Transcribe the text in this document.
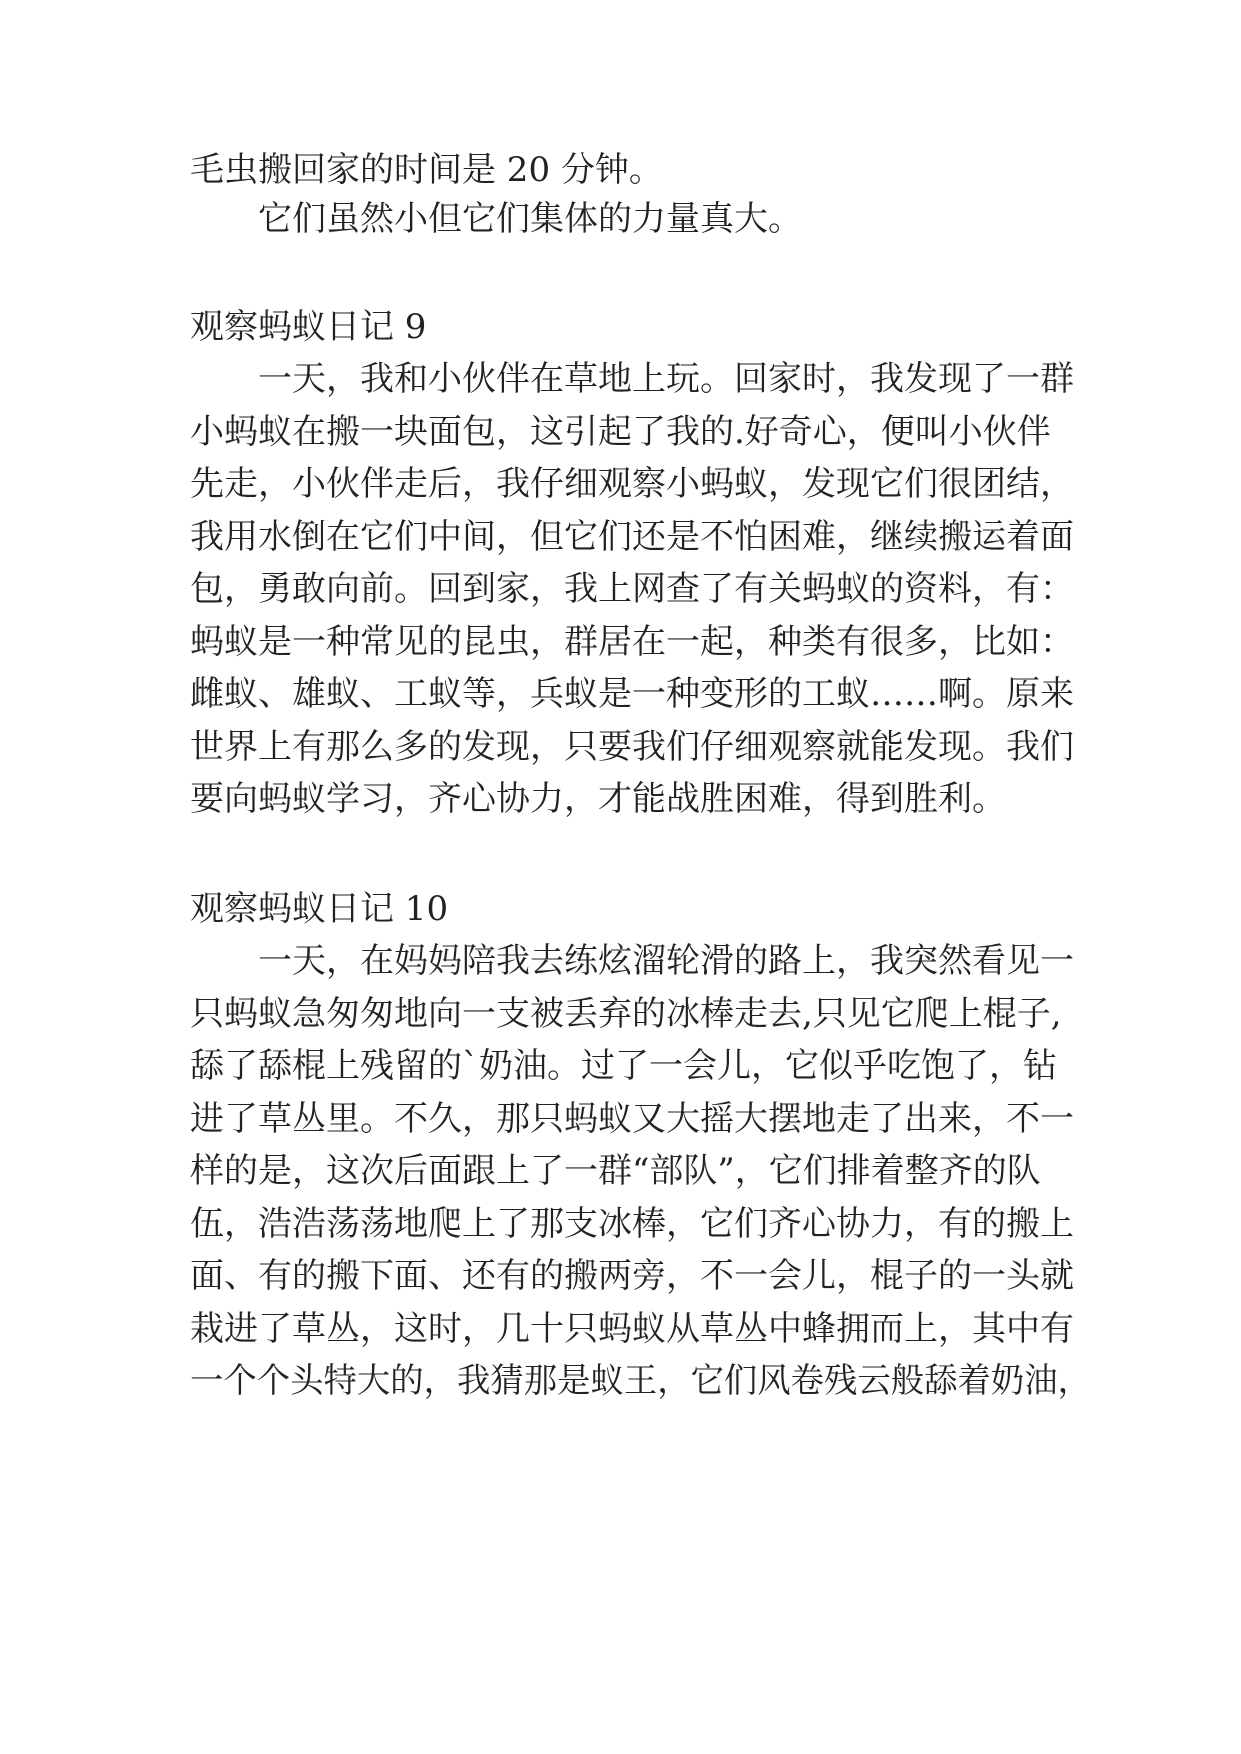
毛虫搬回家的时间是 20 分钟。
它们虽然小但它们集体的力量真大。
观察蚂蚁日记 9
一天，我和小伙伴在草地上玩。回家时，我发现了一群
小蚂蚁在搬一块面包，这引起了我的.好奇心，便叫小伙伴
先走，小伙伴走后，我仔细观察小蚂蚁，发现它们很团结，
我用水倒在它们中间，但它们还是不怕困难，继续搬运着面
包，勇敢向前。回到家，我上网查了有关蚂蚁的资料，有：
蚂蚁是一种常见的昆虫，群居在一起，种类有很多，比如：
雌蚁、雄蚁、工蚁等，兵蚁是一种变形的工蚁……啊。原来
世界上有那么多的发现，只要我们仔细观察就能发现。我们
要向蚂蚁学习，齐心协力，才能战胜困难，得到胜利。
观察蚂蚁日记 10
一天，在妈妈陪我去练炫溜轮滑的路上，我突然看见一
只蚂蚁急匆匆地向一支被丢弃的冰棒走去,只见它爬上棍子,
舔了舔棍上残留的`奶油。过了一会儿，它似乎吃饱了，钻
进了草丛里。不久，那只蚂蚁又大摇大摆地走了出来，不一
样的是，这次后面跟上了一群“部队”，它们排着整齐的队
伍，浩浩荡荡地爬上了那支冰棒，它们齐心协力，有的搬上
面、有的搬下面、还有的搬两旁，不一会儿，棍子的一头就
栽进了草丛，这时，几十只蚂蚁从草丛中蜂拥而上，其中有
一个个头特大的，我猜那是蚁王，它们风卷残云般舔着奶油，
